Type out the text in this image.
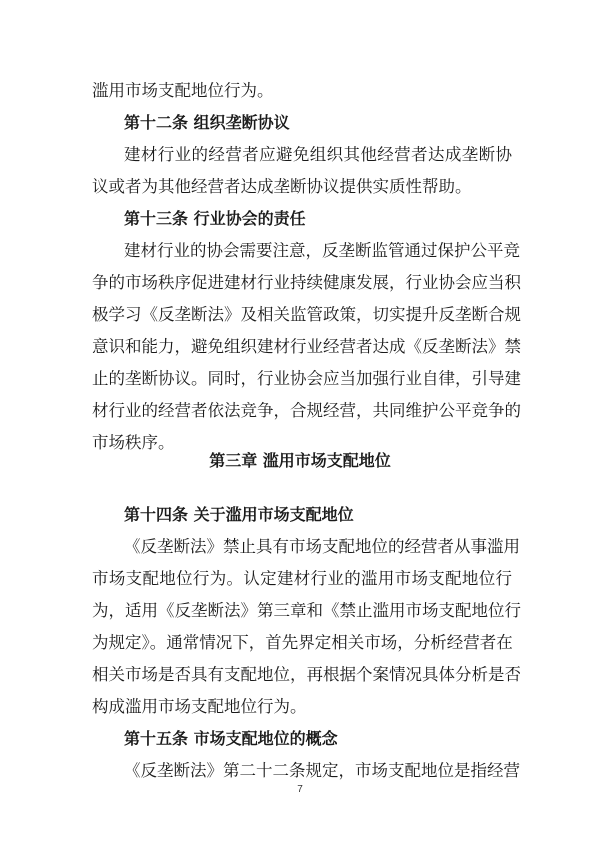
滥用市场支配地位行为。
第十二条 组织垄断协议
建材行业的经营者应避免组织其他经营者达成垄断协
议或者为其他经营者达成垄断协议提供实质性帮助。
第十三条 行业协会的责任
建材行业的协会需要注意，反垄断监管通过保护公平竞
争的市场秩序促进建材行业持续健康发展，行业协会应当积
极学习《反垄断法》及相关监管政策，切实提升反垄断合规
意识和能力，避免组织建材行业经营者达成《反垄断法》禁
止的垄断协议。同时，行业协会应当加强行业自律，引导建
材行业的经营者依法竞争，合规经营，共同维护公平竞争的
市场秩序。
第三章 滥用市场支配地位
第十四条 关于滥用市场支配地位
《反垄断法》禁止具有市场支配地位的经营者从事滥用
市场支配地位行为。认定建材行业的滥用市场支配地位行
为，适用《反垄断法》第三章和《禁止滥用市场支配地位行
为规定》。通常情况下，首先界定相关市场，分析经营者在
相关市场是否具有支配地位，再根据个案情况具体分析是否
构成滥用市场支配地位行为。
第十五条 市场支配地位的概念
《反垄断法》第二十二条规定，市场支配地位是指经营
7
